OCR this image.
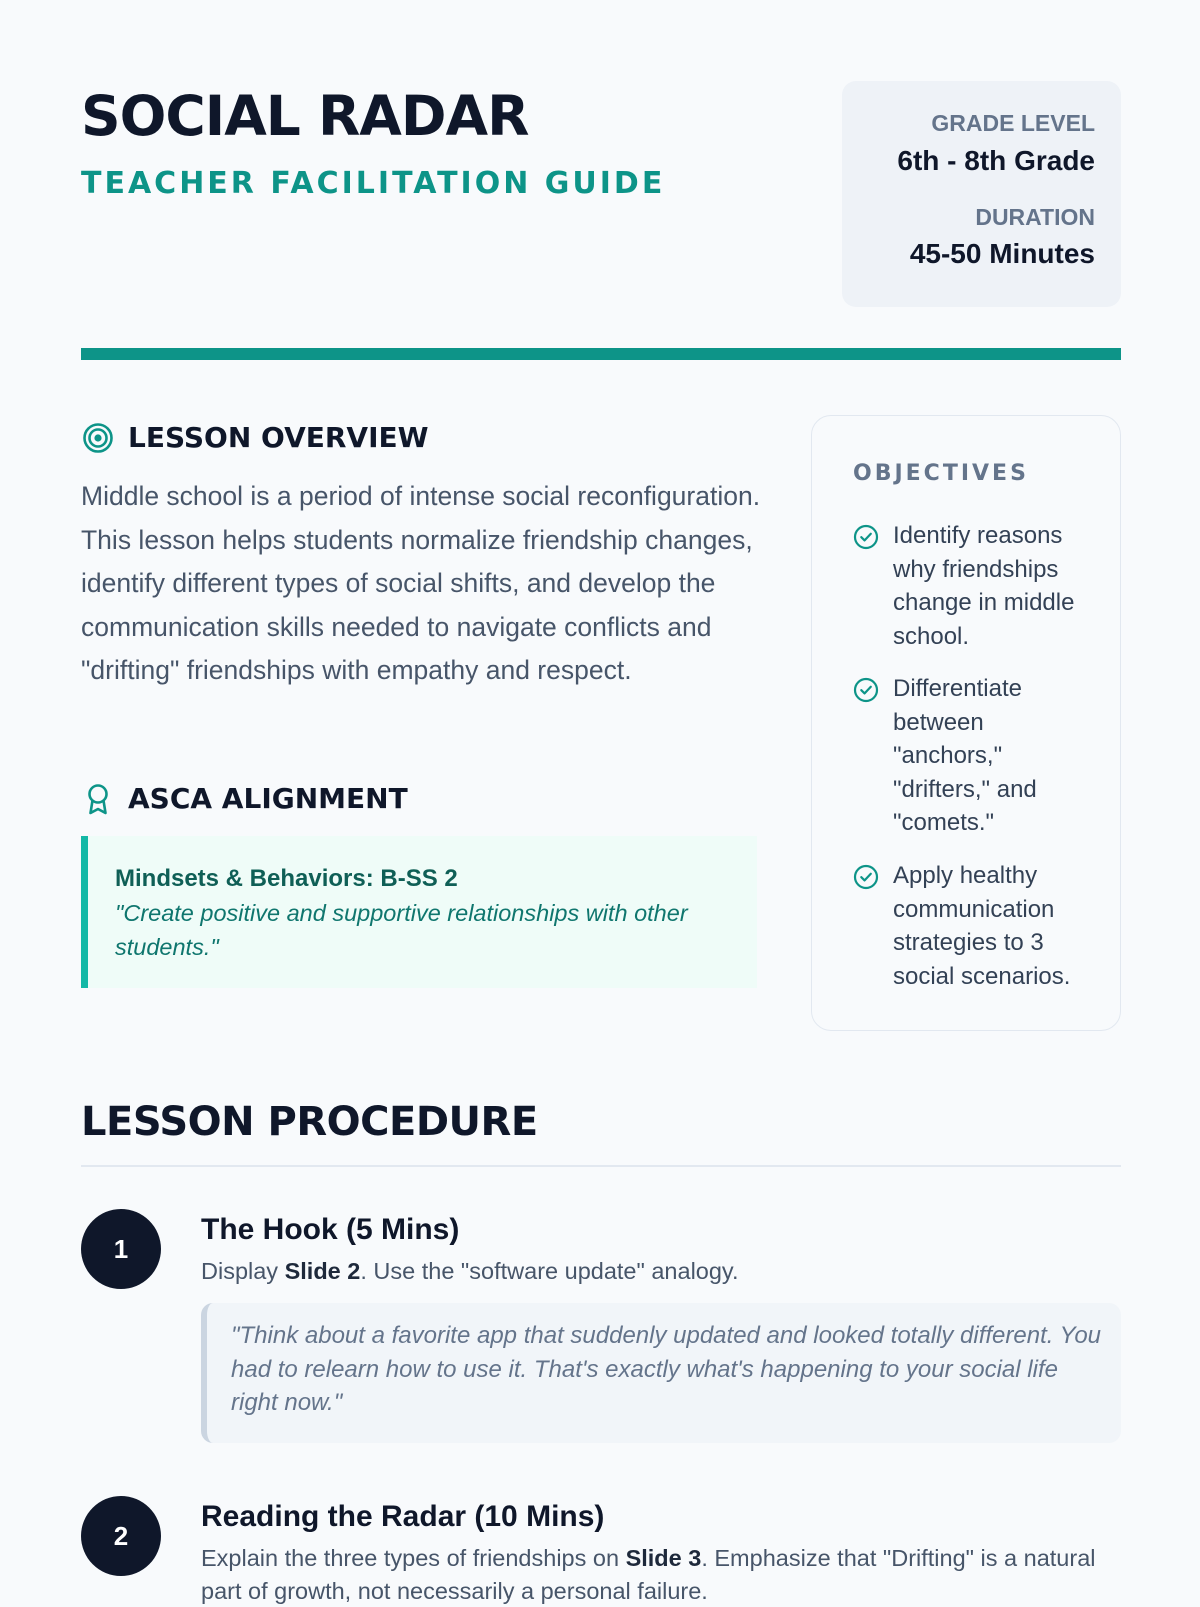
SOCIAL RADAR
TEACHER FACILITATION GUIDE
GRADE LEVEL
6th - 8th Grade
DURATION
45-50 Minutes
LESSON OVERVIEW

Middle school is a period of intense social reconfiguration. This lesson helps students normalize friendship changes, identify different types of social shifts, and develop the communication skills needed to navigate conflicts and "drifting" friendships with empathy and respect.

ASCA ALIGNMENT
Mindsets & Behaviors: B-SS 2
"Create positive and supportive relationships with other students."
OBJECTIVES
Identify reasons why friendships change in middle school.
Differentiate between "anchors," "drifters," and "comets."
Apply healthy communication strategies to 3 social scenarios.
LESSON PROCEDURE
1
The Hook (5 Mins)
Display Slide 2. Use the "software update" analogy.
"Think about a favorite app that suddenly updated and looked totally different. You had to relearn how to use it. That's exactly what's happening to your social life right now."
2
Reading the Radar (10 Mins)
Explain the three types of friendships on Slide 3. Emphasize that "Drifting" is a natural part of growth, not necessarily a personal failure.
